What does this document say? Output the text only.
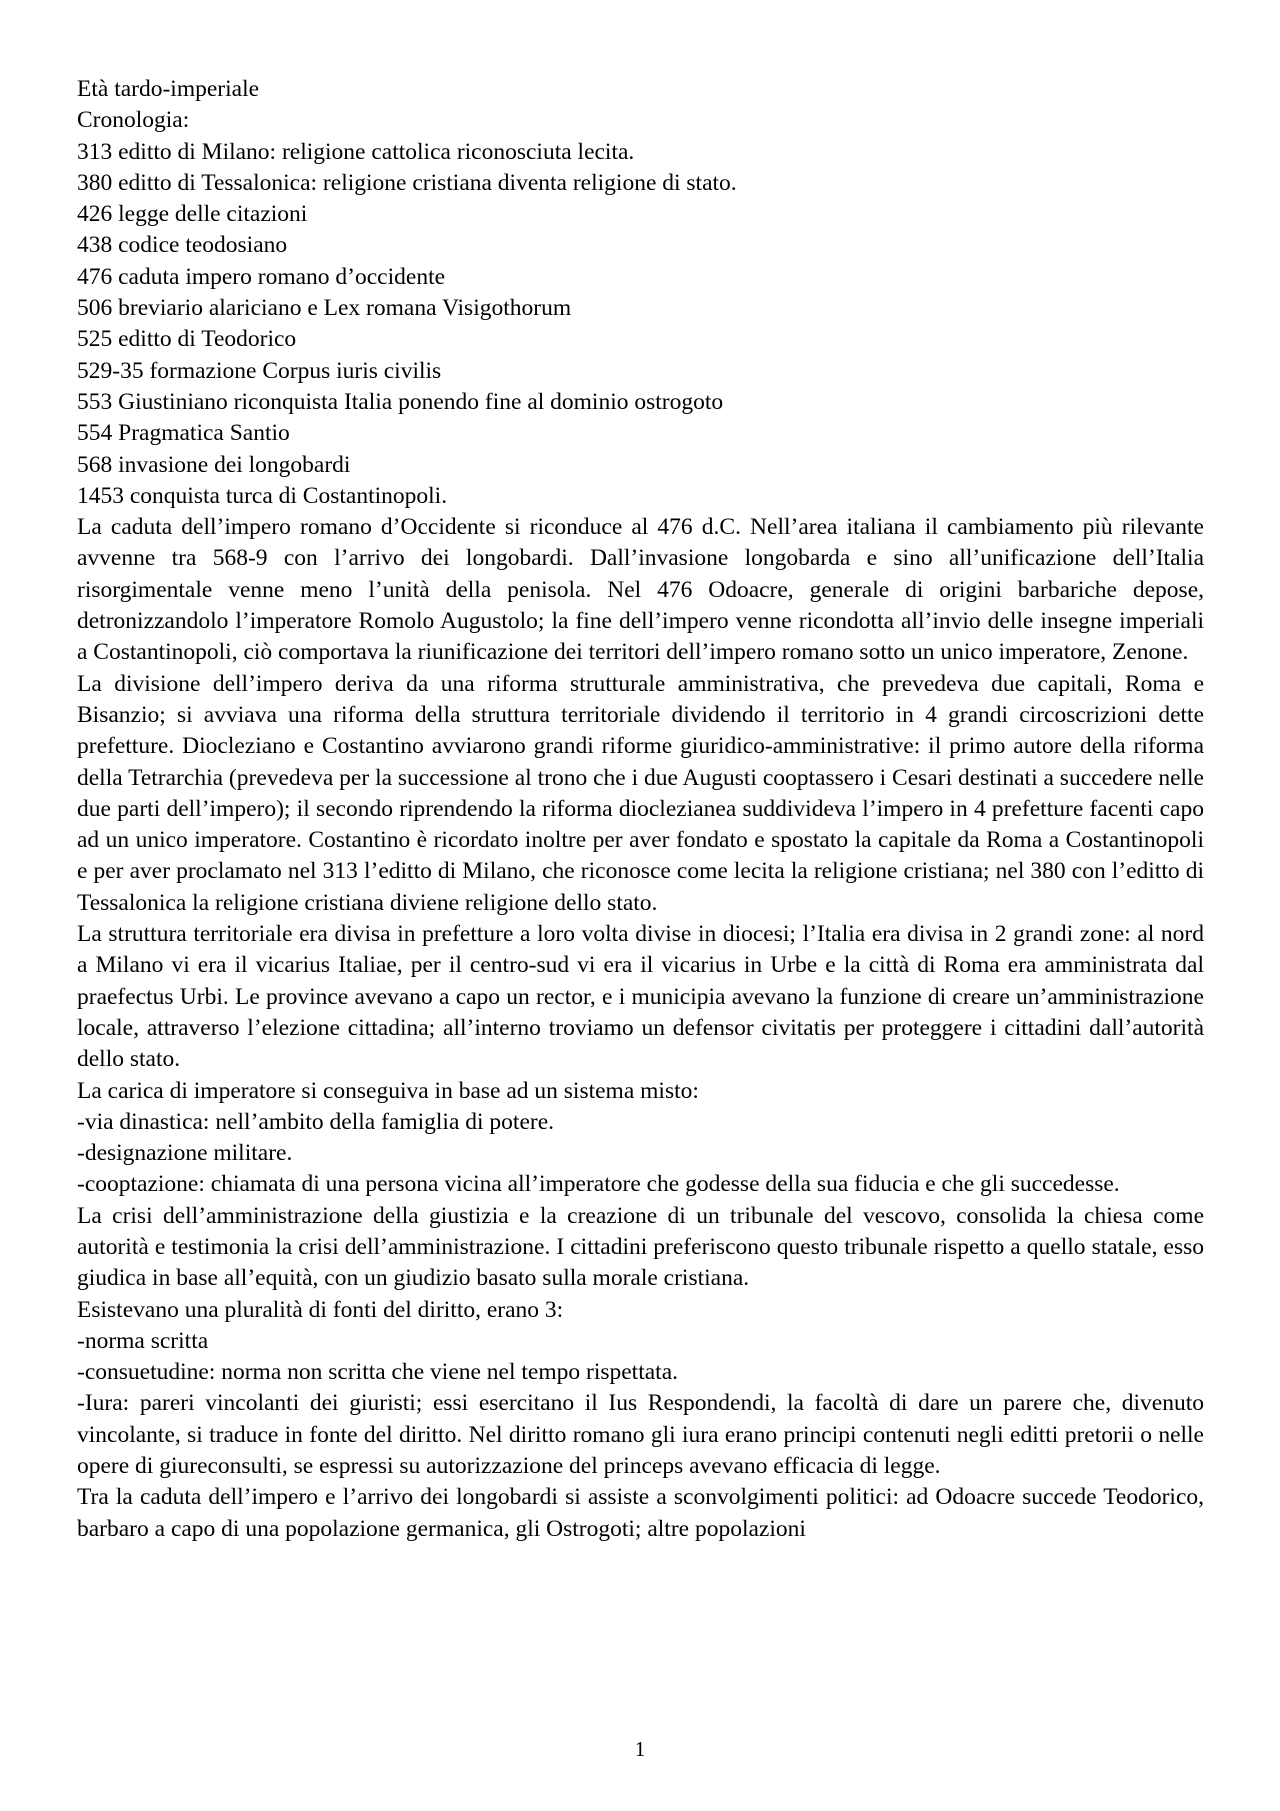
Età tardo-imperiale
Cronologia:
313 editto di Milano: religione cattolica riconosciuta lecita.
380 editto di Tessalonica: religione cristiana diventa religione di stato.
426 legge delle citazioni
438 codice teodosiano
476 caduta impero romano d’occidente
506 breviario alariciano e Lex romana Visigothorum
525 editto di Teodorico
529-35 formazione Corpus iuris civilis
553 Giustiniano riconquista Italia ponendo fine al dominio ostrogoto
554 Pragmatica Santio
568 invasione dei longobardi
1453 conquista turca di Costantinopoli.

La caduta dell’impero romano d’Occidente si riconduce al 476 d.C. Nell’area italiana il cambiamento più rilevante avvenne tra 568-9 con l’arrivo dei longobardi. Dall’invasione longobarda e sino all’unificazione dell’Italia risorgimentale venne meno l’unità della penisola. Nel 476 Odoacre, generale di origini barbariche depose, detronizzandolo l’imperatore Romolo Augustolo; la fine dell’impero venne ricondotta all’invio delle insegne imperiali a Costantinopoli, ciò comportava la riunificazione dei territori dell’impero romano sotto un unico imperatore, Zenone.

La divisione dell’impero deriva da una riforma strutturale amministrativa, che prevedeva due capitali, Roma e Bisanzio; si avviava una riforma della struttura territoriale dividendo il territorio in 4 grandi circoscrizioni dette prefetture. Diocleziano e Costantino avviarono grandi riforme giuridico-amministrative: il primo autore della riforma della Tetrarchia (prevedeva per la successione al trono che i due Augusti cooptassero i Cesari destinati a succedere nelle due parti dell’impero); il secondo riprendendo la riforma dioclezianea suddivideva l’impero in 4 prefetture facenti capo ad un unico imperatore. Costantino è ricordato inoltre per aver fondato e spostato la capitale da Roma a Costantinopoli e per aver proclamato nel 313 l’editto di Milano, che riconosce come lecita la religione cristiana; nel 380 con l’editto di Tessalonica la religione cristiana diviene religione dello stato.

La struttura territoriale era divisa in prefetture a loro volta divise in diocesi; l’Italia era divisa in 2 grandi zone: al nord a Milano vi era il vicarius Italiae, per il centro-sud vi era il vicarius in Urbe e la città di Roma era amministrata dal praefectus Urbi. Le province avevano a capo un rector, e i municipia avevano la funzione di creare un’amministrazione locale, attraverso l’elezione cittadina; all’interno troviamo un defensor civitatis per proteggere i cittadini dall’autorità dello stato.

La carica di imperatore si conseguiva in base ad un sistema misto:

-via dinastica: nell’ambito della famiglia di potere.

-designazione militare.

-cooptazione: chiamata di una persona vicina all’imperatore che godesse della sua fiducia e che gli succedesse.

La crisi dell’amministrazione della giustizia e la creazione di un tribunale del vescovo, consolida la chiesa come autorità e testimonia la crisi dell’amministrazione. I cittadini preferiscono questo tribunale rispetto a quello statale, esso giudica in base all’equità, con un giudizio basato sulla morale cristiana.

Esistevano una pluralità di fonti del diritto, erano 3:

-norma scritta

-consuetudine: norma non scritta che viene nel tempo rispettata.

-Iura: pareri vincolanti dei giuristi; essi esercitano il Ius Respondendi, la facoltà di dare un parere che, divenuto vincolante, si traduce in fonte del diritto. Nel diritto romano gli iura erano principi contenuti negli editti pretorii o nelle opere di giureconsulti, se espressi su autorizzazione del princeps avevano efficacia di legge.

Tra la caduta dell’impero e l’arrivo dei longobardi si assiste a sconvolgimenti politici: ad Odoacre succede Teodorico, barbaro a capo di una popolazione germanica, gli Ostrogoti; altre popolazioni

1
